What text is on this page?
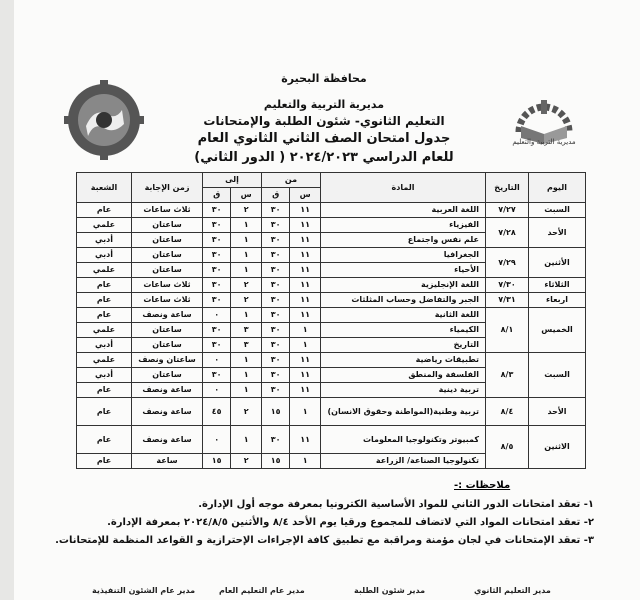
مديرية التربية والتعليم
محافظة البحيرة
مديرية التربية والتعليم
التعليم الثانوي- شئون الطلبة والإمتحانات
جدول امتحان الصف الثاني الثانوي العام
للعام الدراسي ٢٠٢٤/٢٠٢٣ ( الدور الثاني)
اليوم	التاريخ	المادة	من		إلى		زمن الإجابة	الشعبة
			س	ق	س	ق		
السبت	٧/٢٧	اللغة العربية	١١	٣٠	٢	٣٠	ثلاث ساعات	عام
الأحد	٧/٢٨	الفيزياء	١١	٣٠	١	٣٠	ساعتان	علمي
		علم نفس واجتماع	١١	٣٠	١	٣٠	ساعتان	أدبي
الأثنين	٧/٢٩	الجغرافيا	١١	٣٠	١	٣٠	ساعتان	أدبي
		الأحياء	١١	٣٠	١	٣٠	ساعتان	علمي
الثلاثاء	٧/٣٠	اللغة الإنجليزية	١١	٣٠	٢	٣٠	ثلاث ساعات	عام
اربعاء	٧/٣١	الجبر والتفاضل وحساب المثلثات	١١	٣٠	٢	٣٠	ثلاث ساعات	عام
الخميس	٨/١	اللغة الثانية	١١	٣٠	١	٠	ساعة ونصف	عام
		الكيمياء	١	٣٠	٣	٣٠	ساعتان	علمي
		التاريخ	١	٣٠	٣	٣٠	ساعتان	أدبي
السبت	٨/٣	تطبيقات رياضية	١١	٣٠	١	٠	ساعتان ونصف	علمي
		الفلسفة والمنطق	١١	٣٠	١	٣٠	ساعتان	أدبي
		تربية دينية	١١	٣٠	١	٠	ساعة ونصف	عام
الأحد	٨/٤	تربية وطنية(المواطنة وحقوق الانسان)	١	١٥	٢	٤٥	ساعة ونصف	عام
الاثنين	٨/٥	كمبيوتر وتكنولوجيا المعلومات	١١	٣٠	١	٠	ساعة ونصف	عام
		تكنولوجيا الصناعة/ الزراعة	١	١٥	٢	١٥	ساعة	عام
ملاحظات :-
١- تعقد امتحانات الدور الثاني للمواد الأساسية الكترونيا بمعرفة موجه أول الإدارة.
٢- تعقد امتحانات المواد التي لاتضاف للمجموع ورقيا يوم الأحد ٨/٤ والأثنين ٢٠٢٤/٨/٥ بمعرفة الإدارة.
٣- تعقد الإمتحانات في لجان مؤمنة ومراقبة مع تطبيق كافة الإجراءات الإحترازية و القواعد المنظمة للإمتحانات.
مدير التعليم الثانوي
مدير شئون الطلبة
مدير عام التعليم العام
مدير عام الشئون التنفيذية
